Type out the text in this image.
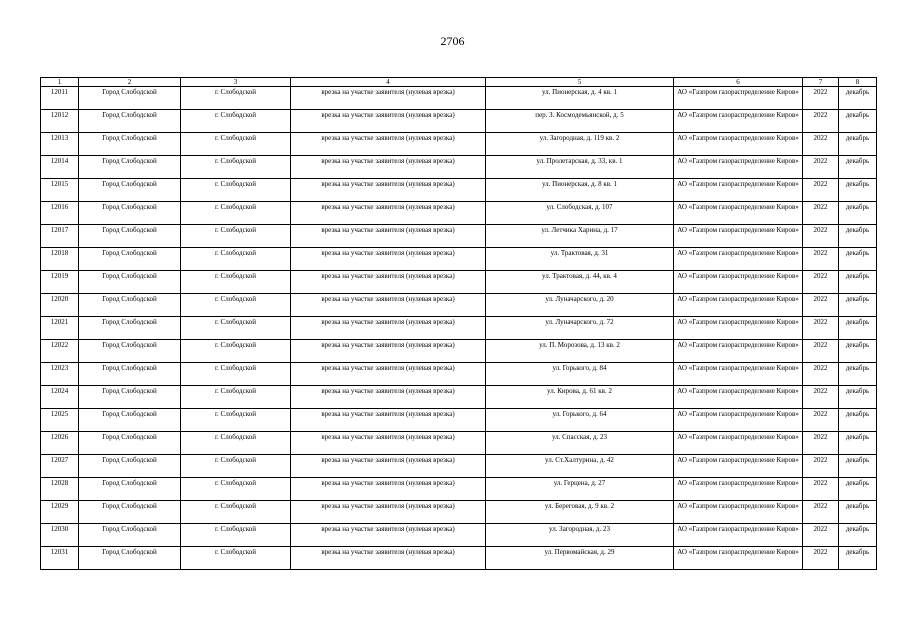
2706
1	2	3	4	5	6	7	8
12011	Город Слободской	г. Слободской	врезка на участке заявителя (нулевая врезка)	ул. Пионерская, д. 4 кв. 1	АО «Газпром газораспределение Киров»	2022	декабрь
12012	Город Слободской	г. Слободской	врезка на участке заявителя (нулевая врезка)	пер. З. Космодемьянской, д. 5	АО «Газпром газораспределение Киров»	2022	декабрь
12013	Город Слободской	г. Слободской	врезка на участке заявителя (нулевая врезка)	ул. Загородная, д. 119 кв. 2	АО «Газпром газораспределение Киров»	2022	декабрь
12014	Город Слободской	г. Слободской	врезка на участке заявителя (нулевая врезка)	ул. Пролетарская, д. 33, кв. 1	АО «Газпром газораспределение Киров»	2022	декабрь
12015	Город Слободской	г. Слободской	врезка на участке заявителя (нулевая врезка)	ул. Пионерская, д. 8 кв. 1	АО «Газпром газораспределение Киров»	2022	декабрь
12016	Город Слободской	г. Слободской	врезка на участке заявителя (нулевая врезка)	ул. Слободская, д. 107	АО «Газпром газораспределение Киров»	2022	декабрь
12017	Город Слободской	г. Слободской	врезка на участке заявителя (нулевая врезка)	ул. Летчика Харина, д. 17	АО «Газпром газораспределение Киров»	2022	декабрь
12018	Город Слободской	г. Слободской	врезка на участке заявителя (нулевая врезка)	ул. Трактовая, д. 31	АО «Газпром газораспределение Киров»	2022	декабрь
12019	Город Слободской	г. Слободской	врезка на участке заявителя (нулевая врезка)	ул. Трактовая, д. 44, кв. 4	АО «Газпром газораспределение Киров»	2022	декабрь
12020	Город Слободской	г. Слободской	врезка на участке заявителя (нулевая врезка)	ул. Луначарского, д. 20	АО «Газпром газораспределение Киров»	2022	декабрь
12021	Город Слободской	г. Слободской	врезка на участке заявителя (нулевая врезка)	ул. Луначарского, д. 72	АО «Газпром газораспределение Киров»	2022	декабрь
12022	Город Слободской	г. Слободской	врезка на участке заявителя (нулевая врезка)	ул. П. Морозова, д. 13 кв. 2	АО «Газпром газораспределение Киров»	2022	декабрь
12023	Город Слободской	г. Слободской	врезка на участке заявителя (нулевая врезка)	ул. Горького, д. 84	АО «Газпром газораспределение Киров»	2022	декабрь
12024	Город Слободской	г. Слободской	врезка на участке заявителя (нулевая врезка)	ул. Кирова, д. 61 кв. 2	АО «Газпром газораспределение Киров»	2022	декабрь
12025	Город Слободской	г. Слободской	врезка на участке заявителя (нулевая врезка)	ул. Горького, д. 64	АО «Газпром газораспределение Киров»	2022	декабрь
12026	Город Слободской	г. Слободской	врезка на участке заявителя (нулевая врезка)	ул. Спасская, д. 23	АО «Газпром газораспределение Киров»	2022	декабрь
12027	Город Слободской	г. Слободской	врезка на участке заявителя (нулевая врезка)	ул. Ст.Халтурина, д. 42	АО «Газпром газораспределение Киров»	2022	декабрь
12028	Город Слободской	г. Слободской	врезка на участке заявителя (нулевая врезка)	ул. Герцена, д. 27	АО «Газпром газораспределение Киров»	2022	декабрь
12029	Город Слободской	г. Слободской	врезка на участке заявителя (нулевая врезка)	ул. Береговая, д. 9 кв. 2	АО «Газпром газораспределение Киров»	2022	декабрь
12030	Город Слободской	г. Слободской	врезка на участке заявителя (нулевая врезка)	ул. Загородная, д. 23	АО «Газпром газораспределение Киров»	2022	декабрь
12031	Город Слободской	г. Слободской	врезка на участке заявителя (нулевая врезка)	ул. Первомайская, д. 29	АО «Газпром газораспределение Киров»	2022	декабрь
